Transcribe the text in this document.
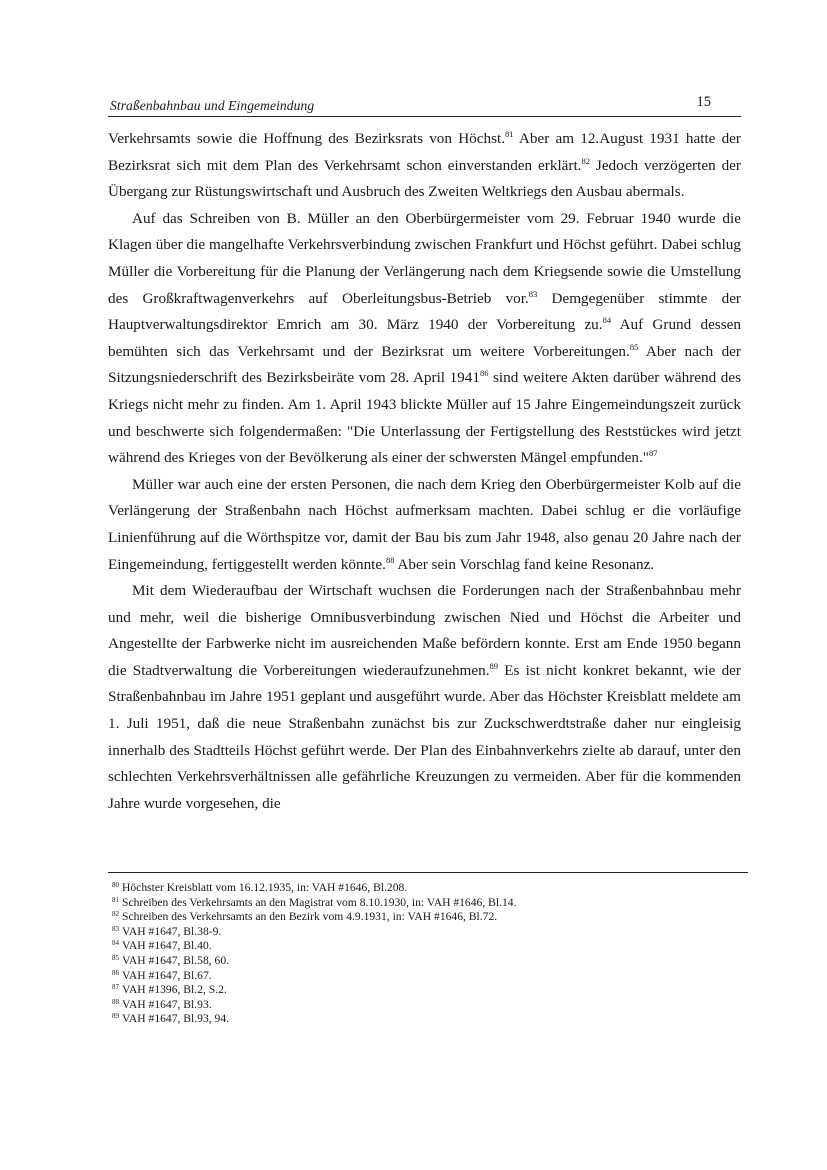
Straßenbahnbau und Eingemeindung	15

Verkehrsamts sowie die Hoffnung des Bezirksrats von Höchst.$^{81}$ Aber am 12.August 1931 hatte der Bezirksrat sich mit dem Plan des Verkehrsamt schon einverstanden erklärt.$^{82}$ Jedoch verzögerten der Übergang zur Rüstungswirtschaft und Ausbruch des Zweiten Weltkriegs den Ausbau abermals.

Auf das Schreiben von B. Müller an den Oberbürgermeister vom 29. Februar 1940 wurde die Klagen über die mangelhafte Verkehrsverbindung zwischen Frankfurt und Höchst geführt. Dabei schlug Müller die Vorbereitung für die Planung der Verlängerung nach dem Kriegsende sowie die Umstellung des Großkraftwagenverkehrs auf Oberleitungsbus-Betrieb vor.$^{83}$ Demgegenüber stimmte der Hauptverwaltungsdirektor Emrich am 30. März 1940 der Vorbereitung zu.$^{84}$ Auf Grund dessen bemühten sich das Verkehrsamt und der Bezirksrat um weitere Vorbereitungen.$^{85}$ Aber nach der Sitzungsniederschrift des Bezirksbeiräte vom 28. April 1941$^{86}$ sind weitere Akten darüber während des Kriegs nicht mehr zu finden. Am 1. April 1943 blickte Müller auf 15 Jahre Eingemeindungszeit zurück und beschwerte sich folgendermaßen: "Die Unterlassung der Fertigstellung des Reststückes wird jetzt während des Krieges von der Bevölkerung als einer der schwersten Mängel empfunden."$^{87}$

Müller war auch eine der ersten Personen, die nach dem Krieg den Oberbürgermeister Kolb auf die Verlängerung der Straßenbahn nach Höchst aufmerksam machten. Dabei schlug er die vorläufige Linienführung auf die Wörthspitze vor, damit der Bau bis zum Jahr 1948, also genau 20 Jahre nach der Eingemeindung, fertiggestellt werden könnte.$^{88}$ Aber sein Vorschlag fand keine Resonanz.

Mit dem Wiederaufbau der Wirtschaft wuchsen die Forderungen nach der Straßenbahnbau mehr und mehr, weil die bisherige Omnibusverbindung zwischen Nied und Höchst die Arbeiter und Angestellte der Farbwerke nicht im ausreichenden Maße befördern konnte. Erst am Ende 1950 begann die Stadtverwaltung die Vorbereitungen wiederaufzunehmen.$^{89}$ Es ist nicht konkret bekannt, wie der Straßenbahnbau im Jahre 1951 geplant und ausgeführt wurde. Aber das Höchster Kreisblatt meldete am 1. Juli 1951, daß die neue Straßenbahn zunächst bis zur Zuckschwerdtstraße daher nur eingleisig innerhalb des Stadtteils Höchst geführt werde. Der Plan des Einbahnverkehrs zielte ab darauf, unter den schlechten Verkehrsverhältnissen alle gefährliche Kreuzungen zu vermeiden. Aber für die kommenden Jahre wurde vorgesehen, die

$^{80}$ Höchster Kreisblatt vom 16.12.1935, in: VAH #1646, Bl.208.
$^{81}$ Schreiben des Verkehrsamts an den Magistrat vom 8.10.1930, in: VAH #1646, Bl.14.
$^{82}$ Schreiben des Verkehrsamts an den Bezirk vom 4.9.1931, in: VAH #1646, Bl.72.
$^{83}$ VAH #1647, Bl.38-9.
$^{84}$ VAH #1647, Bl.40.
$^{85}$ VAH #1647, Bl.58, 60.
$^{86}$ VAH #1647, Bl.67.
$^{87}$ VAH #1396, Bl.2, S.2.
$^{88}$ VAH #1647, Bl.93.
$^{89}$ VAH #1647, Bl.93, 94.
